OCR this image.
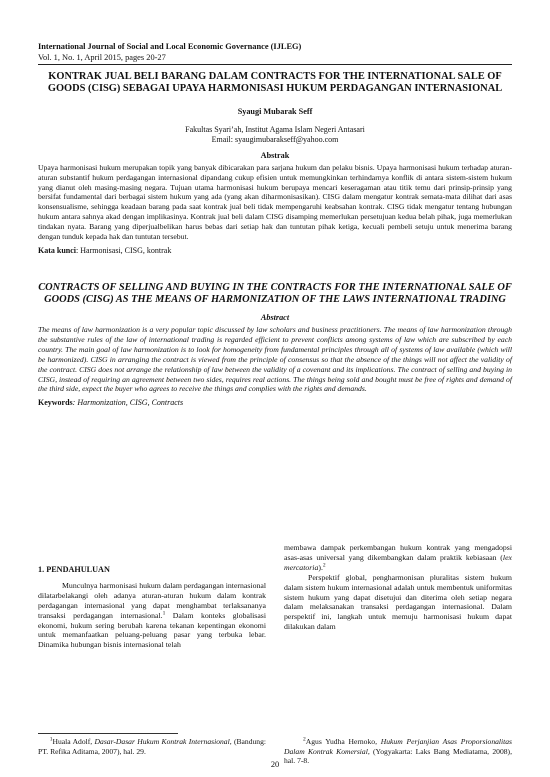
International Journal of Social and Local Economic Governance (IJLEG)
Vol. 1, No. 1, April 2015, pages 20-27
KONTRAK JUAL BELI BARANG DALAM CONTRACTS FOR THE INTERNATIONAL SALE OF GOODS (CISG) SEBAGAI UPAYA HARMONISASI HUKUM PERDAGANGAN INTERNASIONAL
Syaugi Mubarak Seff
Fakultas Syari’ah, Institut Agama Islam Negeri Antasari
Email: syaugimubarakseff@yahoo.com
Abstrak
Upaya harmonisasi hukum merupakan topik yang banyak dibicarakan para sarjana hukum dan pelaku bisnis. Upaya harmonisasi hukum terhadap aturan-aturan substantif hukum perdagangan internasional dipandang cukup efisien untuk memungkinkan terhindarnya konflik di antara sistem-sistem hukum yang dianut oleh masing-masing negara. Tujuan utama harmonisasi hukum berupaya mencari keseragaman atau titik temu dari prinsip-prinsip yang bersifat fundamental dari berbagai sistem hukum yang ada (yang akan diharmonisasikan). CISG dalam mengatur kontrak semata-mata dilihat dari asas konsensualisme, sehingga keadaan barang pada saat kontrak jual beli tidak mempengaruhi keabsahan kontrak. CISG tidak mengatur tentang hubungan hukum antara sahnya akad dengan implikasinya. Kontrak jual beli dalam CISG disamping memerlukan persetujuan kedua belah pihak, juga memerlukan tindakan nyata. Barang yang diperjualbelikan harus bebas dari setiap hak dan tuntutan pihak ketiga, kecuali pembeli setuju untuk menerima barang dengan tunduk kepada hak dan tuntutan tersebut.
Kata kunci: Harmonisasi, CISG, kontrak
CONTRACTS OF SELLING AND BUYING IN THE CONTRACTS FOR THE INTERNATIONAL SALE OF GOODS (CISG) AS THE MEANS OF HARMONIZATION OF THE LAWS INTERNATIONAL TRADING
Abstract
The means of law harmonization is a very popular topic discussed by law scholars and business practitioners. The means of law harmonization through the substantive rules of the law of international trading is regarded efficient to prevent conflicts among systems of law which are subscribed by each country. The main goal of law harmonization is to look for homogeneity from fundamental principles through all of systems of law available (which will be harmonized). CISG in arranging the contract is viewed from the principle of consensus so that the absence of the things will not affect the validity of the contract. CISG does not arrange the relationship of law between the validity of a covenant and its implications. The contract of selling and buying in CISG, instead of requiring an agreement between two sides, requires real actions. The things being sold and bought must be free of rights and demand of the third side, expect the buyer who agrees to receive the things and complies with the rights and demands.
Keywords: Harmonization, CISG, Contracts
1. PENDAHULUAN

Munculnya harmonisasi hukum dalam perdagangan internasional dilatarbelakangi oleh adanya aturan-aturan hukum dalam kontrak perdagangan internasional yang dapat menghambat terlaksananya transaksi perdagangan internasional.$^1$ Dalam konteks globalisasi ekonomi, hukum sering berubah karena tekanan kepentingan ekonomi untuk memanfaatkan peluang-peluang pasar yang terbuka lebar. Dinamika hubungan bisnis internasional telah

membawa dampak perkembangan hukum kontrak yang mengadopsi asas-asas universal yang dikembangkan dalam praktik kebiasaan (lex mercatoria).$^2$

Perspektif global, pengharmonisan pluralitas sistem hukum dalam sistem hukum internasional adalah untuk membentuk uniformitas sistem hukum yang dapat disetujui dan diterima oleh setiap negara dalam melaksanakan transaksi perdagangan internasional. Dalam perspektif ini, langkah untuk memuju harmonisasi hukum dapat dilakukan dalam

$^1$Huala Adolf, Dasar-Dasar Hukum Kontrak Internasional, (Bandung: PT. Refika Aditama, 2007), hal. 29.
$^2$Agus Yudha Hernoko, Hukum Perjanjian Asas Proporsionalitas Dalam Kontrak Komersial, (Yogyakarta: Laks Bang Mediatama, 2008), hal. 7-8.
20
